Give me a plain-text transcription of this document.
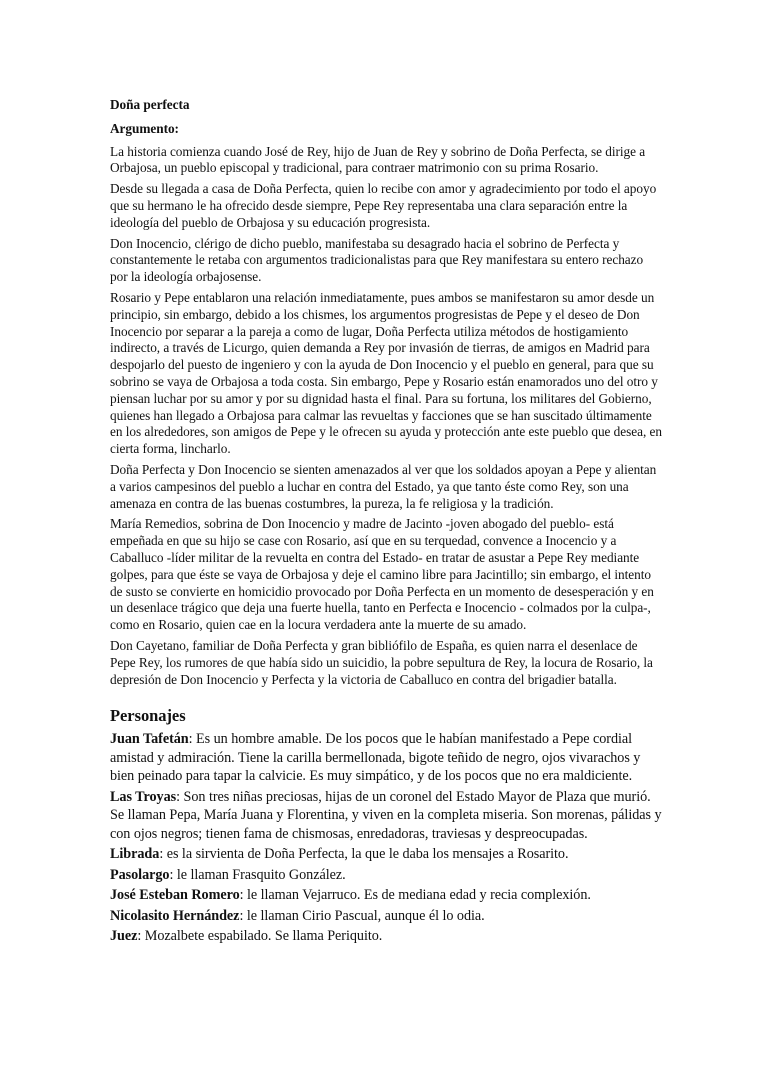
Doña perfecta

Argumento:

La historia comienza cuando José de Rey, hijo de Juan de Rey y sobrino de Doña Perfecta, se dirige a Orbajosa, un pueblo episcopal y tradicional, para contraer matrimonio con su prima Rosario.

Desde su llegada a casa de Doña Perfecta, quien lo recibe con amor y agradecimiento por todo el apoyo que su hermano le ha ofrecido desde siempre, Pepe Rey representaba una clara separación entre la ideología del pueblo de Orbajosa y su educación progresista.

Don Inocencio, clérigo de dicho pueblo, manifestaba su desagrado hacia el sobrino de Perfecta y constantemente le retaba con argumentos tradicionalistas para que Rey manifestara su entero rechazo por la ideología orbajosense.

Rosario y Pepe entablaron una relación inmediatamente, pues ambos se manifestaron su amor desde un principio, sin embargo, debido a los chismes, los argumentos progresistas de Pepe y el deseo de Don Inocencio por separar a la pareja a como de lugar, Doña Perfecta utiliza métodos de hostigamiento indirecto, a través de Licurgo, quien demanda a Rey por invasión de tierras, de amigos en Madrid para despojarlo del puesto de ingeniero y con la ayuda de Don Inocencio y el pueblo en general, para que su sobrino se vaya de Orbajosa a toda costa. Sin embargo, Pepe y Rosario están enamorados uno del otro y piensan luchar por su amor y por su dignidad hasta el final. Para su fortuna, los militares del Gobierno, quienes han llegado a Orbajosa para calmar las revueltas y facciones que se han suscitado últimamente en los alrededores, son amigos de Pepe y le ofrecen su ayuda y protección ante este pueblo que desea, en cierta forma, lincharlo.

Doña Perfecta y Don Inocencio se sienten amenazados al ver que los soldados apoyan a Pepe y alientan a varios campesinos del pueblo a luchar en contra del Estado, ya que tanto éste como Rey, son una amenaza en contra de las buenas costumbres, la pureza, la fe religiosa y la tradición.

María Remedios, sobrina de Don Inocencio y madre de Jacinto -joven abogado del pueblo- está empeñada en que su hijo se case con Rosario, así que en su terquedad, convence a Inocencio y a Caballuco -líder militar de la revuelta en contra del Estado- en tratar de asustar a Pepe Rey mediante golpes, para que éste se vaya de Orbajosa y deje el camino libre para Jacintillo; sin embargo, el intento de susto se convierte en homicidio provocado por Doña Perfecta en un momento de desesperación y en un desenlace trágico que deja una fuerte huella, tanto en Perfecta e Inocencio - colmados por la culpa-, como en Rosario, quien cae en la locura verdadera ante la muerte de su amado.

Don Cayetano, familiar de Doña Perfecta y gran bibliófilo de España, es quien narra el desenlace de Pepe Rey, los rumores de que había sido un suicidio, la pobre sepultura de Rey, la locura de Rosario, la depresión de Don Inocencio y Perfecta y la victoria de Caballuco en contra del brigadier batalla.

Personajes

Juan Tafetán: Es un hombre amable. De los pocos que le habían manifestado a Pepe cordial amistad y admiración. Tiene la carilla bermellonada, bigote teñido de negro, ojos vivarachos y bien peinado para tapar la calvicie. Es muy simpático, y de los pocos que no era maldiciente.

Las Troyas: Son tres niñas preciosas, hijas de un coronel del Estado Mayor de Plaza que murió. Se llaman Pepa, María Juana y Florentina, y viven en la completa miseria. Son morenas, pálidas y con ojos negros; tienen fama de chismosas, enredadoras, traviesas y despreocupadas.

Librada: es la sirvienta de Doña Perfecta, la que le daba los mensajes a Rosarito.

Pasolargo: le llaman Frasquito González.

José Esteban Romero: le llaman Vejarruco. Es de mediana edad y recia complexión.

Nicolasito Hernández: le llaman Cirio Pascual, aunque él lo odia.

Juez: Mozalbete espabilado. Se llama Periquito.
